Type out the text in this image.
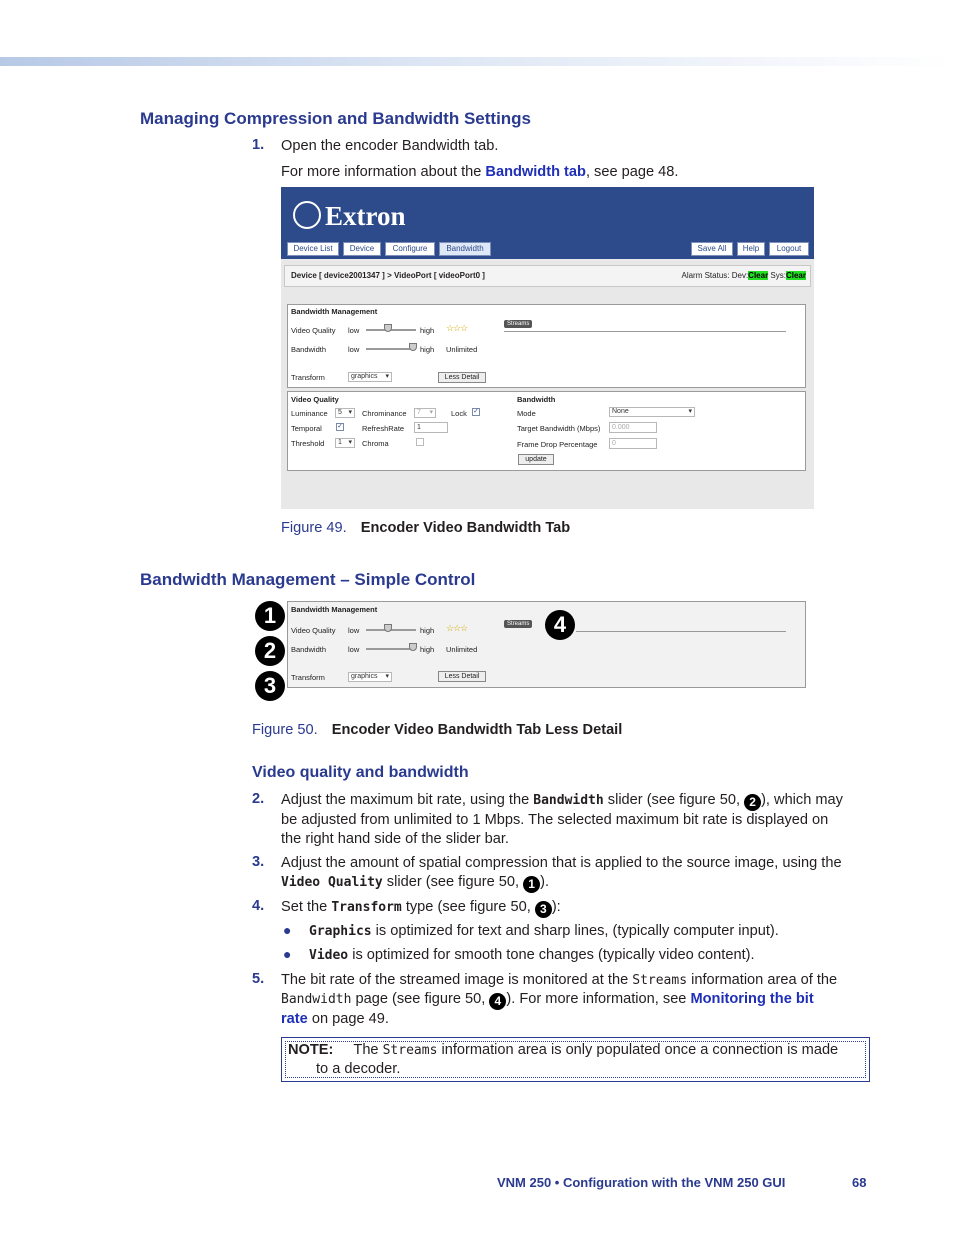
Managing Compression and Bandwidth Settings
1. Open the encoder Bandwidth tab.
For more information about the Bandwidth tab, see page 48.
Extron
Device List	Device	Configure	Bandwidth	Save All	Help	Logout
Device [ device2001347 ] > VideoPort [ videoPort0 ]	Alarm Status: Dev:Clear Sys:Clear
Bandwidth Management
Video Quality low	high ☆☆☆
Bandwidth	low	high Unlimited
Transform	graphics ▾	Less Detail
Streams
Video Quality
Luminance	5 ▾	Chrominance	7 ▾	Lock ✓
Temporal ✓	RefreshRate	1
Threshold	1 ▾	Chroma
Bandwidth
Mode	None ▾
Target Bandwidth (Mbps)	0.000
Frame Drop Percentage	0
update
Figure 49. Encoder Video Bandwidth Tab
Bandwidth Management – Simple Control
Bandwidth Management
Video Quality low	high ☆☆☆
Bandwidth	low	high Unlimited
Transform	graphics ▾	Less Detail
Streams
1
2
3
4
Figure 50. Encoder Video Bandwidth Tab Less Detail
Video quality and bandwidth
2. Adjust the maximum bit rate, using the Bandwidth slider (see figure 50, 2 ), which may
be adjusted from unlimited to 1 Mbps. The selected maximum bit rate is displayed on
the right hand side of the slider bar.
3. Adjust the amount of spatial compression that is applied to the source image, using the
Video Quality slider (see figure 50, 1 ).
4. Set the Transform type (see figure 50, 3 ):
● Graphics is optimized for text and sharp lines, (typically computer input).
● Video is optimized for smooth tone changes (typically video content).
5. The bit rate of the streamed image is monitored at the Streams information area of the
Bandwidth page (see figure 50, 4 ). For more information, see Monitoring the bit
rate on page 49.
NOTE: The Streams information area is only populated once a connection is made
to a decoder.
VNM 250 • Configuration with the VNM 250 GUI	68
